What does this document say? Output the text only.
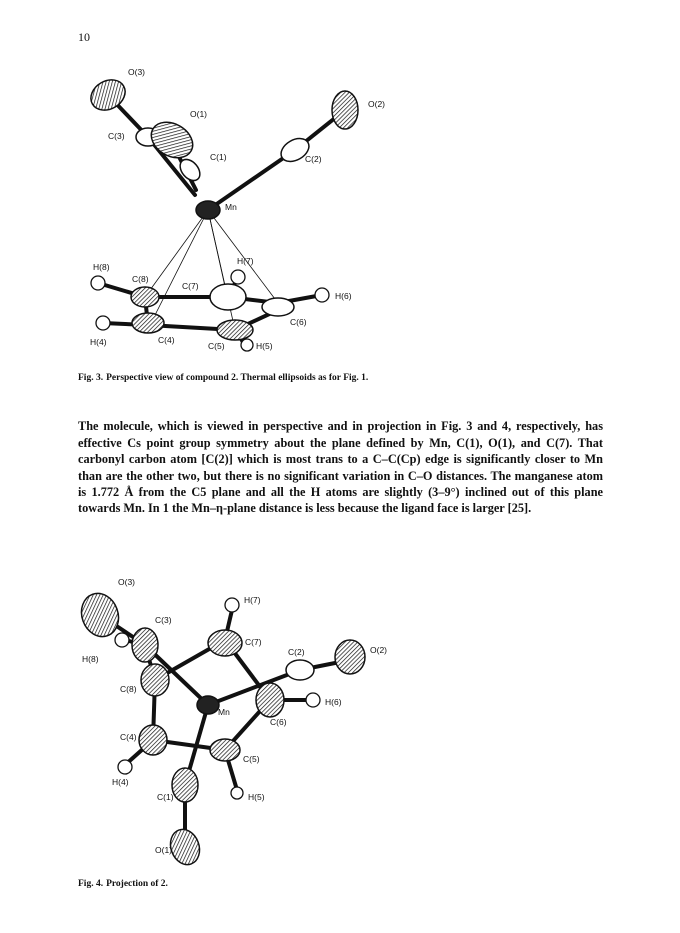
10
O(3)
O(1)
C(3)
C(1)
O(2)
C(2)
Mn
H(8)
C(8)
H(7)
C(7)
H(6)
C(6)
H(4)	C(4)
C(5)	H(5)
Fig. 3. Perspective view of compound 2. Thermal ellipsoids as for Fig. 1.

The molecule, which is viewed in perspective and in projection in Fig. 3 and 4, respectively, has effective Cs point group symmetry about the plane defined by Mn, C(1), O(1), and C(7). That carbonyl carbon atom [C(2)] which is most trans to a C–C(Cp) edge is significantly closer to Mn than are the other two, but there is no significant variation in C–O distances. The manganese atom is 1.772 Å from the C5 plane and all the H atoms are slightly (3–9°) inclined out of this plane towards Mn. In 1 the Mn–η-plane distance is less because the ligand face is larger [25].

O(3)
H(7)
C(3)
C(7)
C(2)	O(2)
H(8)
C(8)
H(6)
Mn
C(6)
C(4)
C(5)
H(4)
C(1)	H(5)
O(1)
Fig. 4. Projection of 2.
